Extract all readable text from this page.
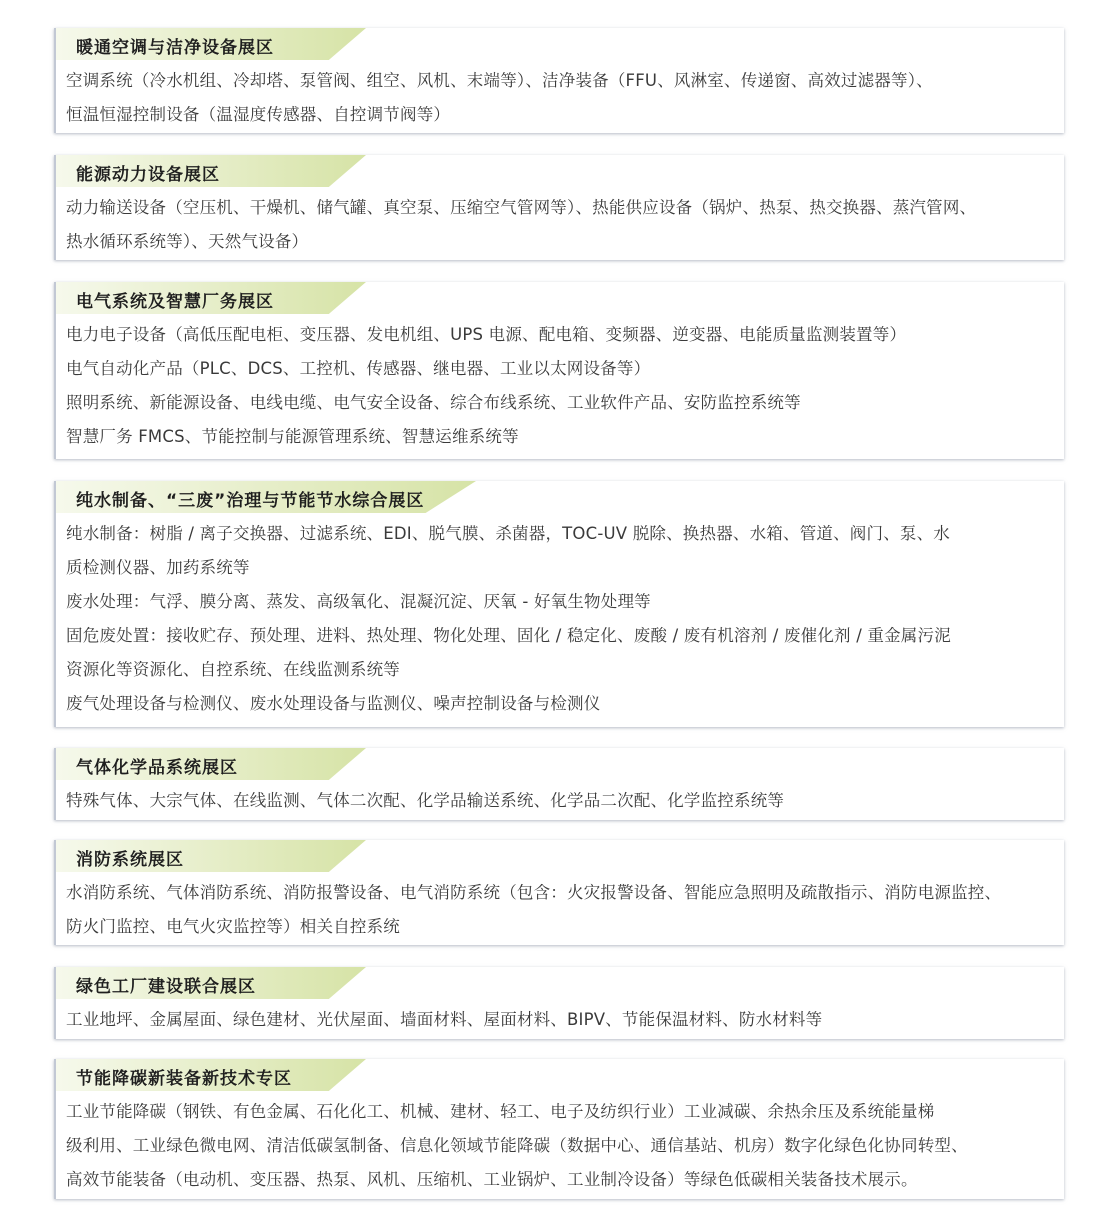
暖通空调与洁净设备展区
空调系统（冷水机组、冷却塔、泵管阀、组空、风机、末端等）、洁净装备（FFU、风淋室、传递窗、高效过滤器等）、
恒温恒湿控制设备（温湿度传感器、自控调节阀等）
能源动力设备展区
动力输送设备（空压机、干燥机、储气罐、真空泵、压缩空气管网等）、热能供应设备（锅炉、热泵、热交换器、蒸汽管网、
热水循环系统等）、天然气设备）
电气系统及智慧厂务展区
电力电子设备（高低压配电柜、变压器、发电机组、UPS 电源、配电箱、变频器、逆变器、电能质量监测装置等）
电气自动化产品（PLC、DCS、工控机、传感器、继电器、工业以太网设备等）
照明系统、新能源设备、电线电缆、电气安全设备、综合布线系统、工业软件产品、安防监控系统等
智慧厂务 FMCS、节能控制与能源管理系统、智慧运维系统等
纯水制备、“三废”治理与节能节水综合展区
纯水制备：树脂 / 离子交换器、过滤系统、EDI、脱气膜、杀菌器，TOC-UV 脱除、换热器、水箱、管道、阀门、泵、水
质检测仪器、加药系统等
废水处理：气浮、膜分离、蒸发、高级氧化、混凝沉淀、厌氧 - 好氧生物处理等
固危废处置：接收贮存、预处理、进料、热处理、物化处理、固化 / 稳定化、废酸 / 废有机溶剂 / 废催化剂 / 重金属污泥
资源化等资源化、自控系统、在线监测系统等
废气处理设备与检测仪、废水处理设备与监测仪、噪声控制设备与检测仪
气体化学品系统展区
特殊气体、大宗气体、在线监测、气体二次配、化学品输送系统、化学品二次配、化学监控系统等
消防系统展区
水消防系统、气体消防系统、消防报警设备、电气消防系统（包含：火灾报警设备、智能应急照明及疏散指示、消防电源监控、
防火门监控、电气火灾监控等）相关自控系统
绿色工厂建设联合展区
工业地坪、金属屋面、绿色建材、光伏屋面、墙面材料、屋面材料、BIPV、节能保温材料、防水材料等
节能降碳新装备新技术专区
工业节能降碳（钢铁、有色金属、石化化工、机械、建材、轻工、电子及纺织行业）工业减碳、余热余压及系统能量梯
级利用、工业绿色微电网、清洁低碳氢制备、信息化领域节能降碳（数据中心、通信基站、机房）数字化绿色化协同转型、
高效节能装备（电动机、变压器、热泵、风机、压缩机、工业锅炉、工业制冷设备）等绿色低碳相关装备技术展示。
